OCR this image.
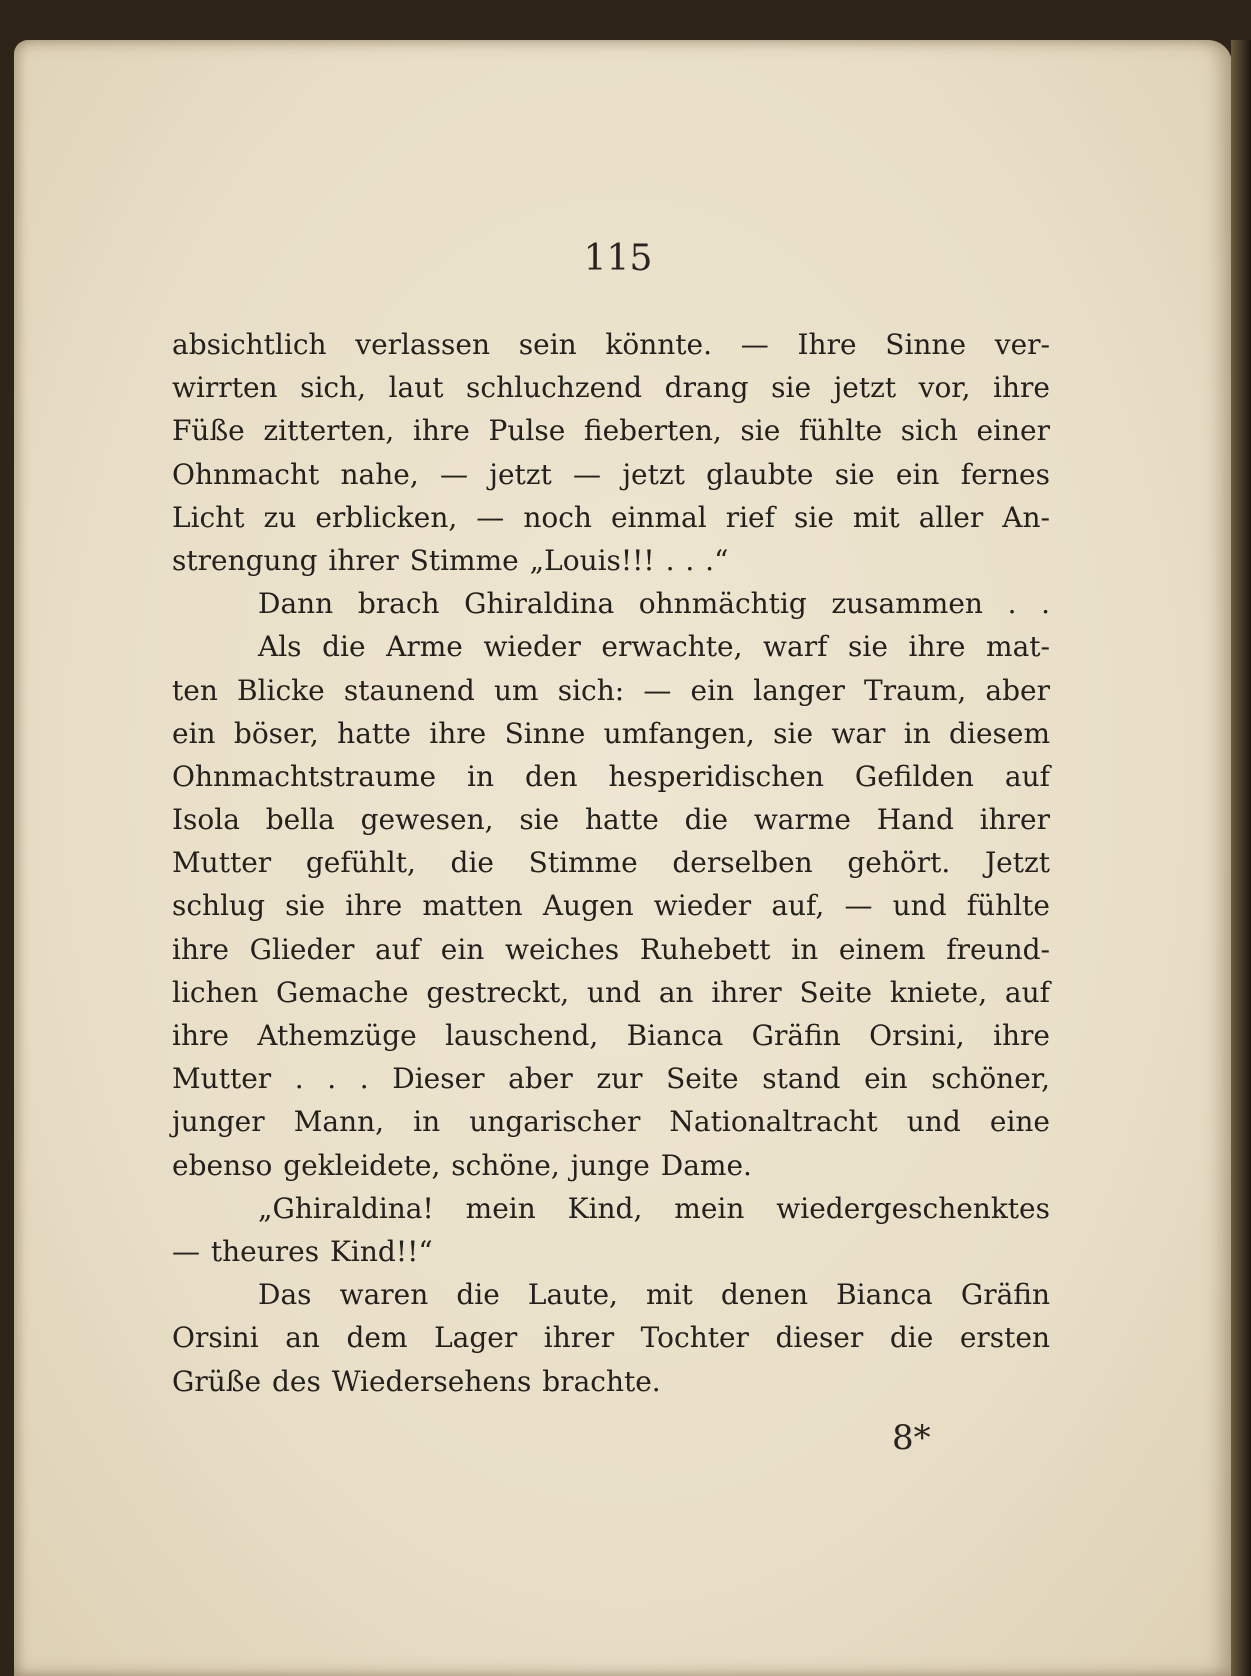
115
absichtlich verlassen sein könnte. — Ihre Sinne ver-
wirrten sich, laut schluchzend drang sie jetzt vor, ihre
Füße zitterten, ihre Pulse fieberten, sie fühlte sich einer
Ohnmacht nahe, — jetzt — jetzt glaubte sie ein fernes
Licht zu erblicken, — noch einmal rief sie mit aller An-
strengung ihrer Stimme „Louis!!! . . .“
Dann brach Ghiraldina ohnmächtig zusammen . .
Als die Arme wieder erwachte, warf sie ihre mat-
ten Blicke staunend um sich: — ein langer Traum, aber
ein böser, hatte ihre Sinne umfangen, sie war in diesem
Ohnmachtstraume in den hesperidischen Gefilden auf
Isola bella gewesen, sie hatte die warme Hand ihrer
Mutter gefühlt, die Stimme derselben gehört. Jetzt
schlug sie ihre matten Augen wieder auf, — und fühlte
ihre Glieder auf ein weiches Ruhebett in einem freund-
lichen Gemache gestreckt, und an ihrer Seite kniete, auf
ihre Athemzüge lauschend, Bianca Gräfin Orsini, ihre
Mutter . . . Dieser aber zur Seite stand ein schöner,
junger Mann, in ungarischer Nationaltracht und eine
ebenso gekleidete, schöne, junge Dame.
„Ghiraldina! mein Kind, mein wiedergeschenktes
— theures Kind!!“
Das waren die Laute, mit denen Bianca Gräfin
Orsini an dem Lager ihrer Tochter dieser die ersten
Grüße des Wiedersehens brachte.
8*
